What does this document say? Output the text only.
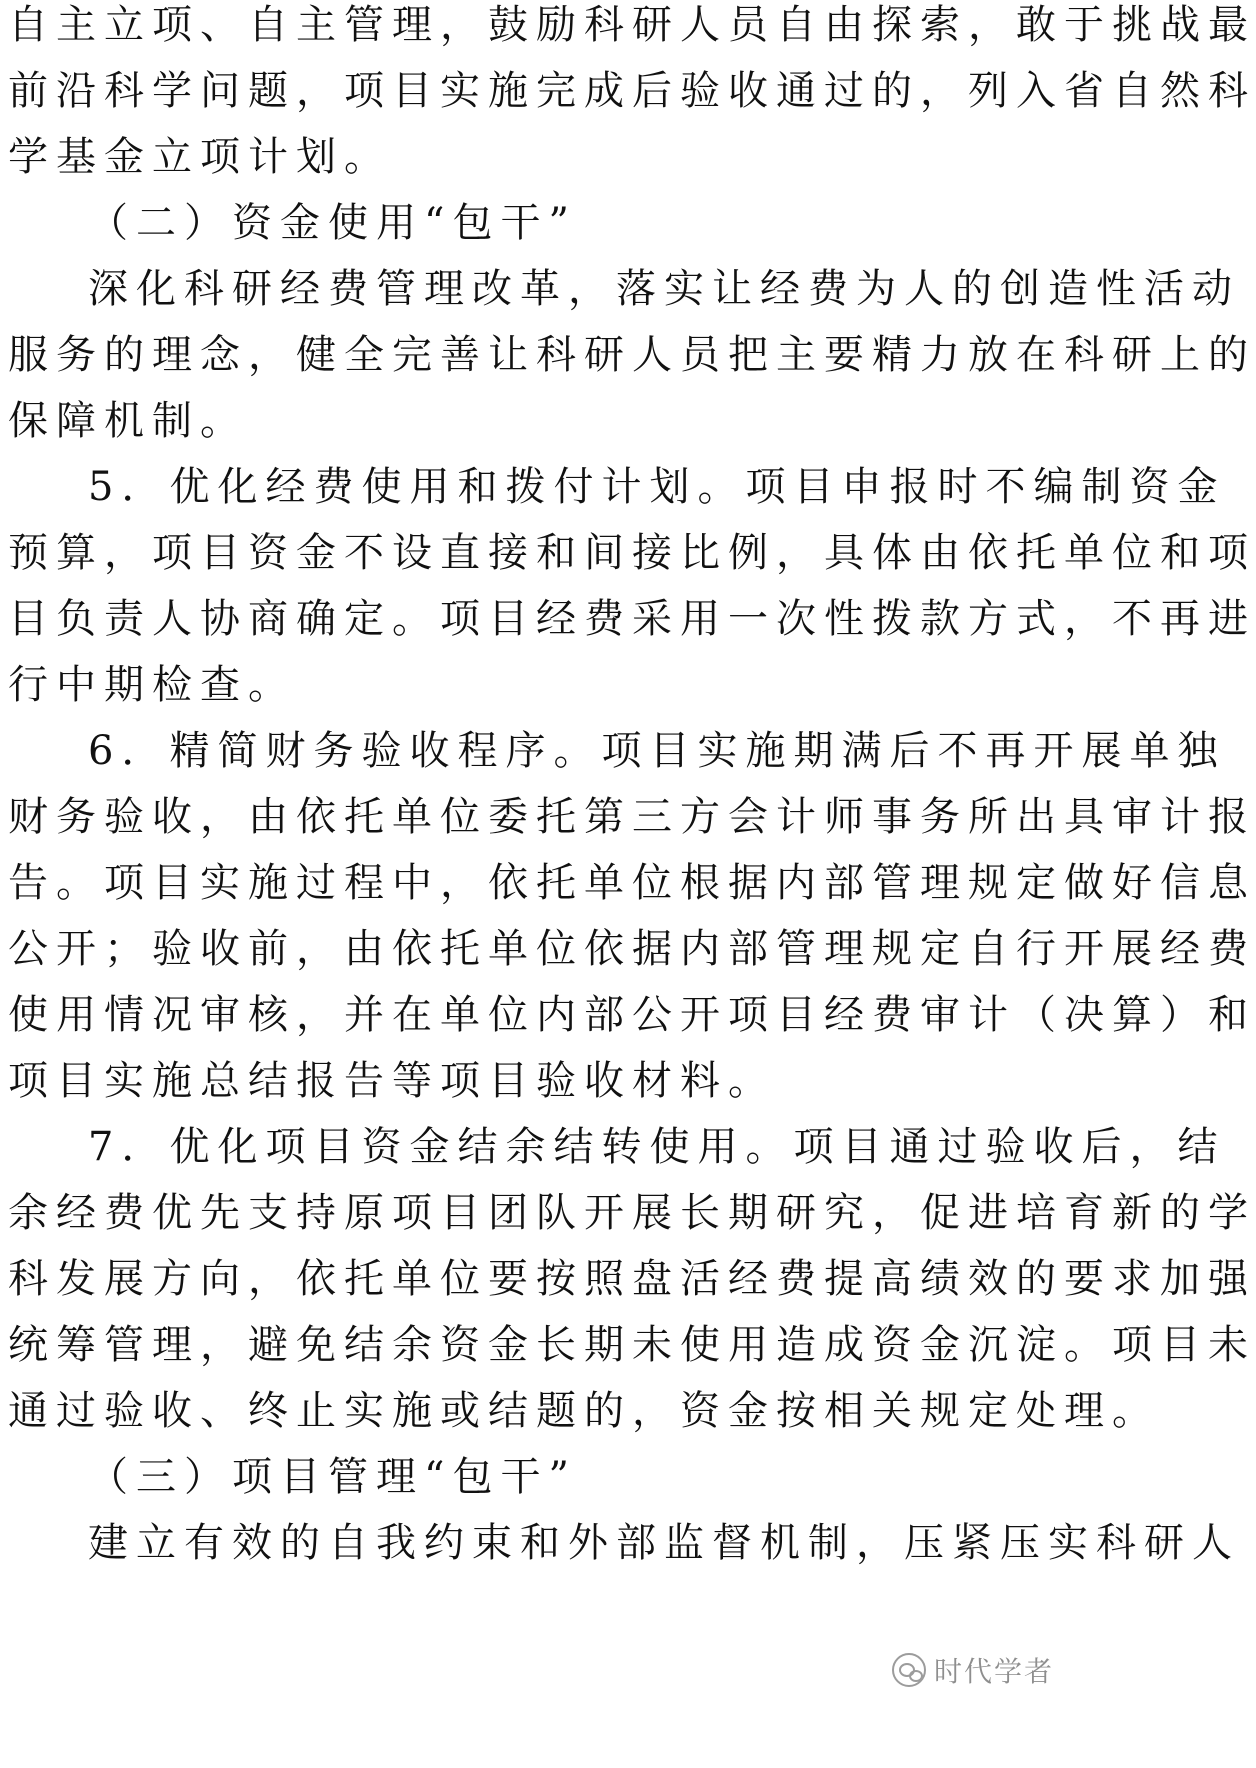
自主立项、自主管理，鼓励科研人员自由探索，敢于挑战最
前沿科学问题，项目实施完成后验收通过的，列入省自然科
学基金立项计划。
（二）资金使用“包干”
深化科研经费管理改革，落实让经费为人的创造性活动
服务的理念，健全完善让科研人员把主要精力放在科研上的
保障机制。
5．优化经费使用和拨付计划。项目申报时不编制资金
预算，项目资金不设直接和间接比例，具体由依托单位和项
目负责人协商确定。项目经费采用一次性拨款方式，不再进
行中期检查。
6．精简财务验收程序。项目实施期满后不再开展单独
财务验收，由依托单位委托第三方会计师事务所出具审计报
告。项目实施过程中，依托单位根据内部管理规定做好信息
公开；验收前，由依托单位依据内部管理规定自行开展经费
使用情况审核，并在单位内部公开项目经费审计（决算）和
项目实施总结报告等项目验收材料。
7．优化项目资金结余结转使用。项目通过验收后，结
余经费优先支持原项目团队开展长期研究，促进培育新的学
科发展方向，依托单位要按照盘活经费提高绩效的要求加强
统筹管理，避免结余资金长期未使用造成资金沉淀。项目未
通过验收、终止实施或结题的，资金按相关规定处理。
（三）项目管理“包干”
建立有效的自我约束和外部监督机制，压紧压实科研人
时代学者
